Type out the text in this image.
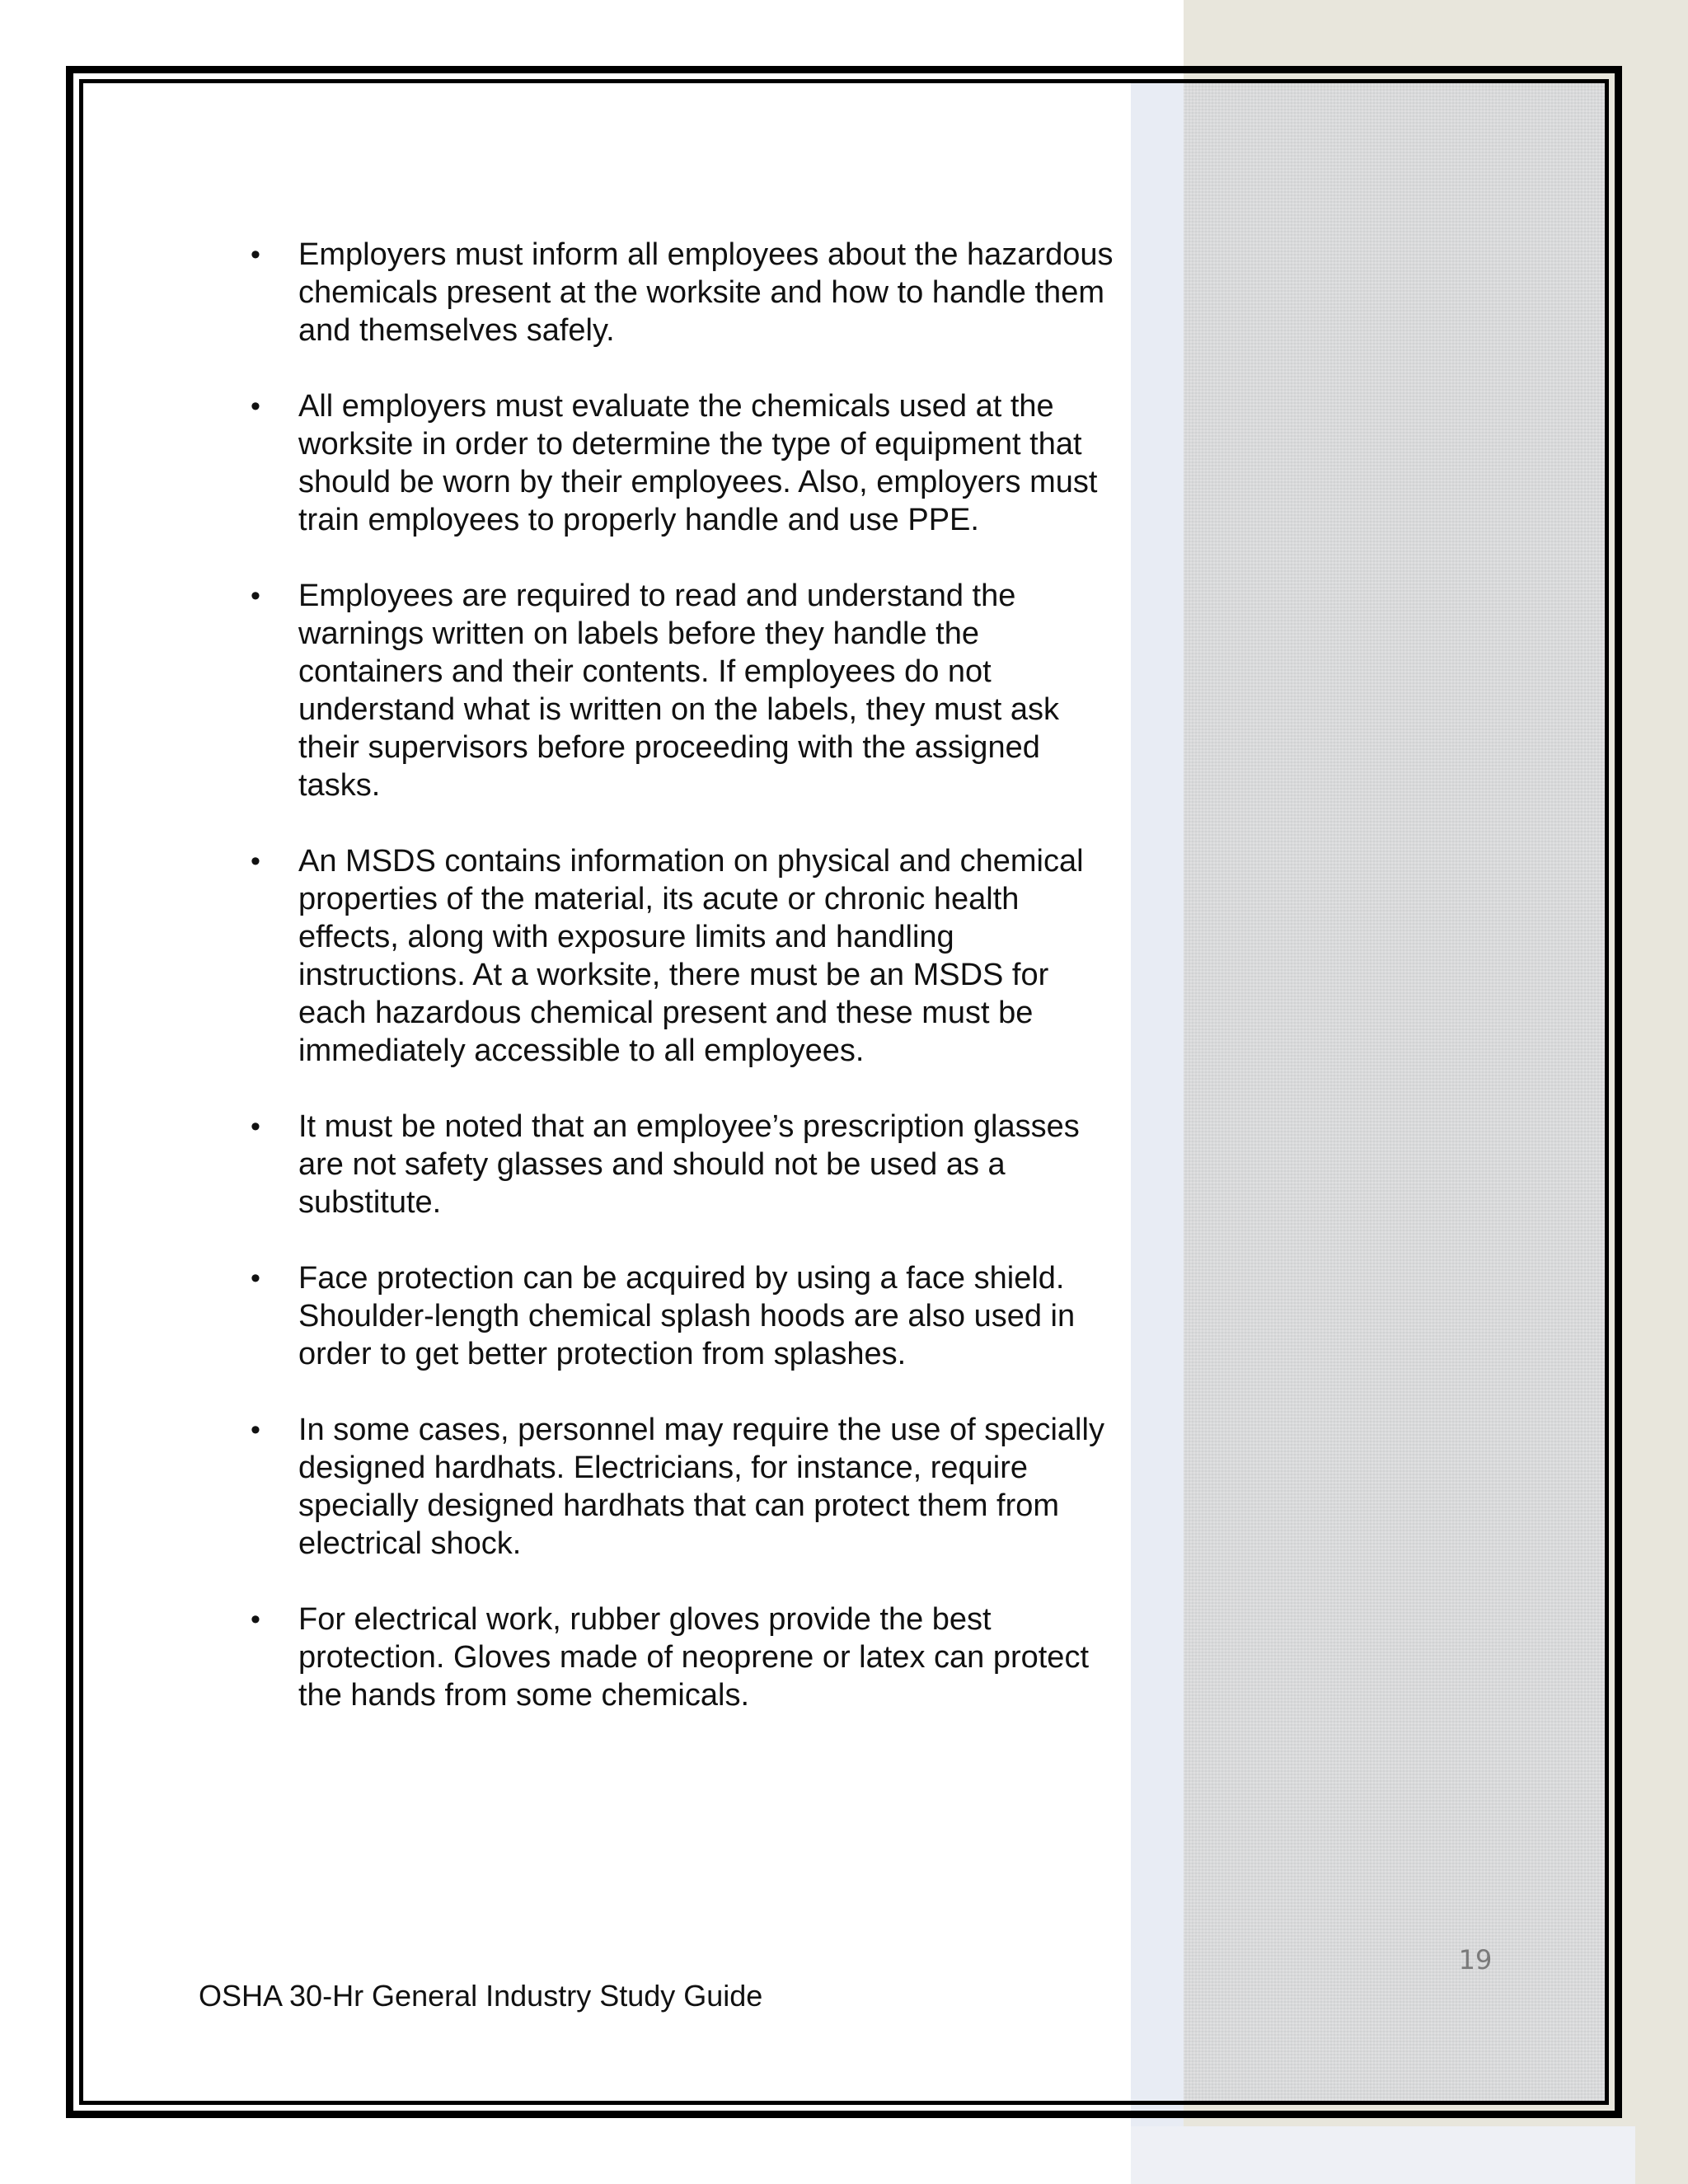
• Employers must inform all employees about the hazardous chemicals present at the worksite and how to handle them and themselves safely.
• All employers must evaluate the chemicals used at the worksite in order to determine the type of equipment that should be worn by their employees. Also, employers must train employees to properly handle and use PPE.
• Employees are required to read and understand the warnings written on labels before they handle the containers and their contents. If employees do not understand what is written on the labels, they must ask their supervisors before proceeding with the assigned tasks.
• An MSDS contains information on physical and chemical properties of the material, its acute or chronic health effects, along with exposure limits and handling instructions. At a worksite, there must be an MSDS for each hazardous chemical present and these must be immediately accessible to all employees.
• It must be noted that an employee’s prescription glasses are not safety glasses and should not be used as a substitute.
• Face protection can be acquired by using a face shield. Shoulder-length chemical splash hoods are also used in order to get better protection from splashes.
• In some cases, personnel may require the use of specially designed hardhats. Electricians, for instance, require specially designed hardhats that can protect them from electrical shock.
• For electrical work, rubber gloves provide the best protection. Gloves made of neoprene or latex can protect the hands from some chemicals.
19
OSHA 30-Hr General Industry Study Guide
